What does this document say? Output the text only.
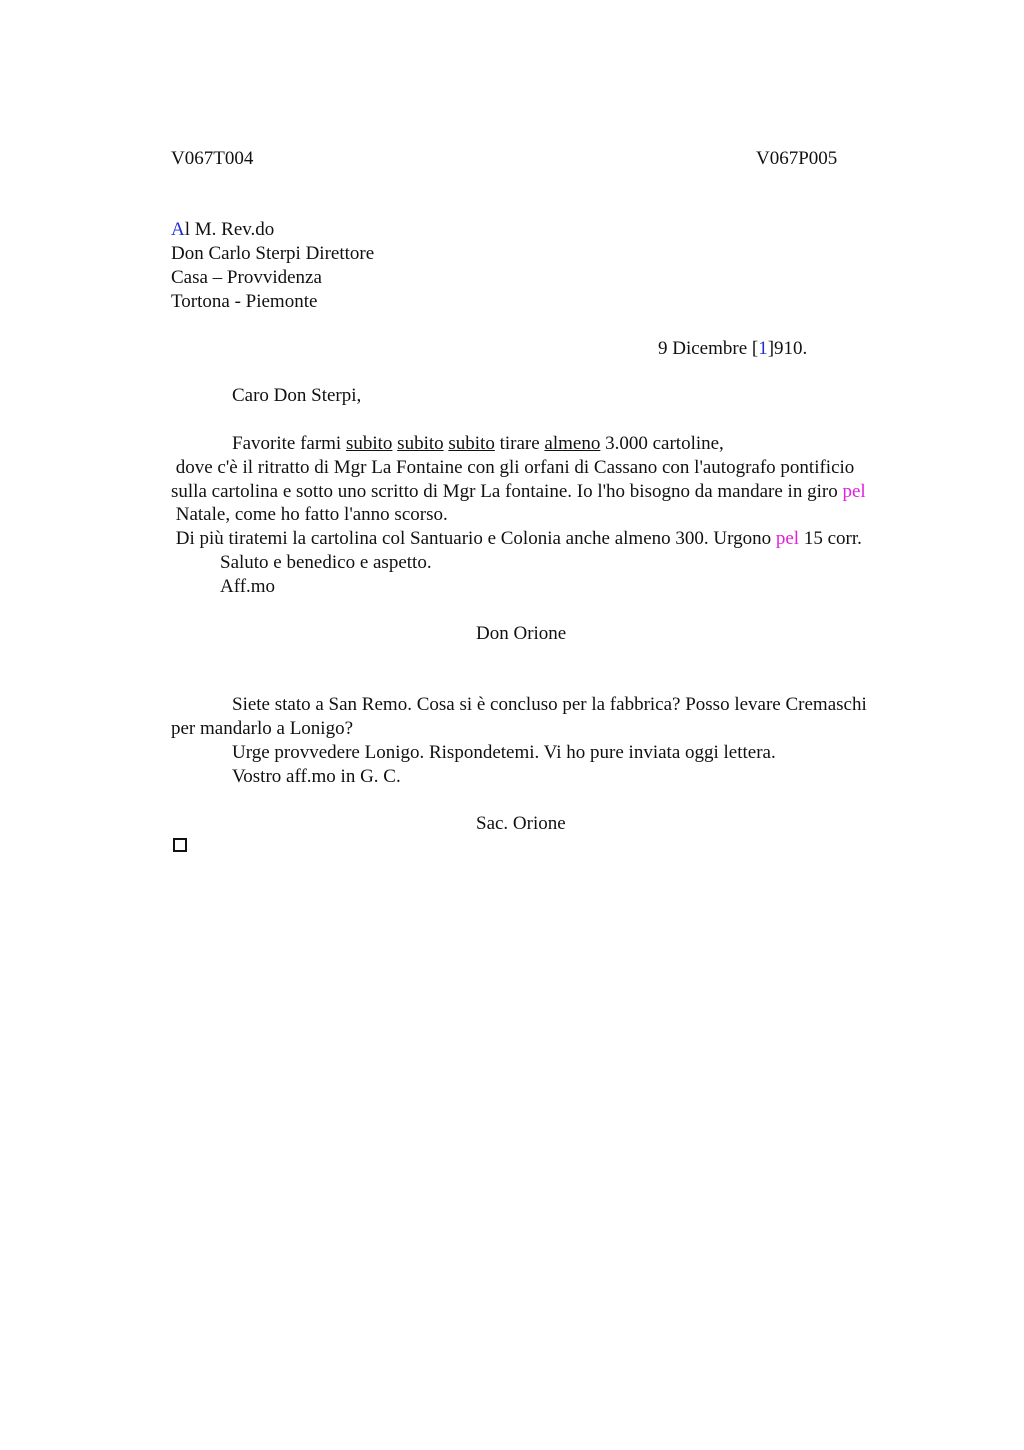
V067T004	V067P005
Al M. Rev.do
Don Carlo Sterpi Direttore
Casa – Provvidenza
Tortona - Piemonte
9 Dicembre [1]910.
Caro Don Sterpi,
Favorite farmi subito subito subito tirare almeno 3.000 cartoline,
dove c'è il ritratto di Mgr La Fontaine con gli orfani di Cassano con l'autografo pontificio
sulla cartolina e sotto uno scritto di Mgr La fontaine. Io l'ho bisogno da mandare in giro pel
Natale, come ho fatto l'anno scorso.
Di più tiratemi la cartolina col Santuario e Colonia anche almeno 300. Urgono pel 15 corr.
Saluto e benedico e aspetto.
Aff.mo
Don Orione
Siete stato a San Remo. Cosa si è concluso per la fabbrica? Posso levare Cremaschi
per mandarlo a Lonigo?
Urge provvedere Lonigo. Rispondetemi. Vi ho pure inviata oggi lettera.
Vostro aff.mo in G. C.
Sac. Orione
